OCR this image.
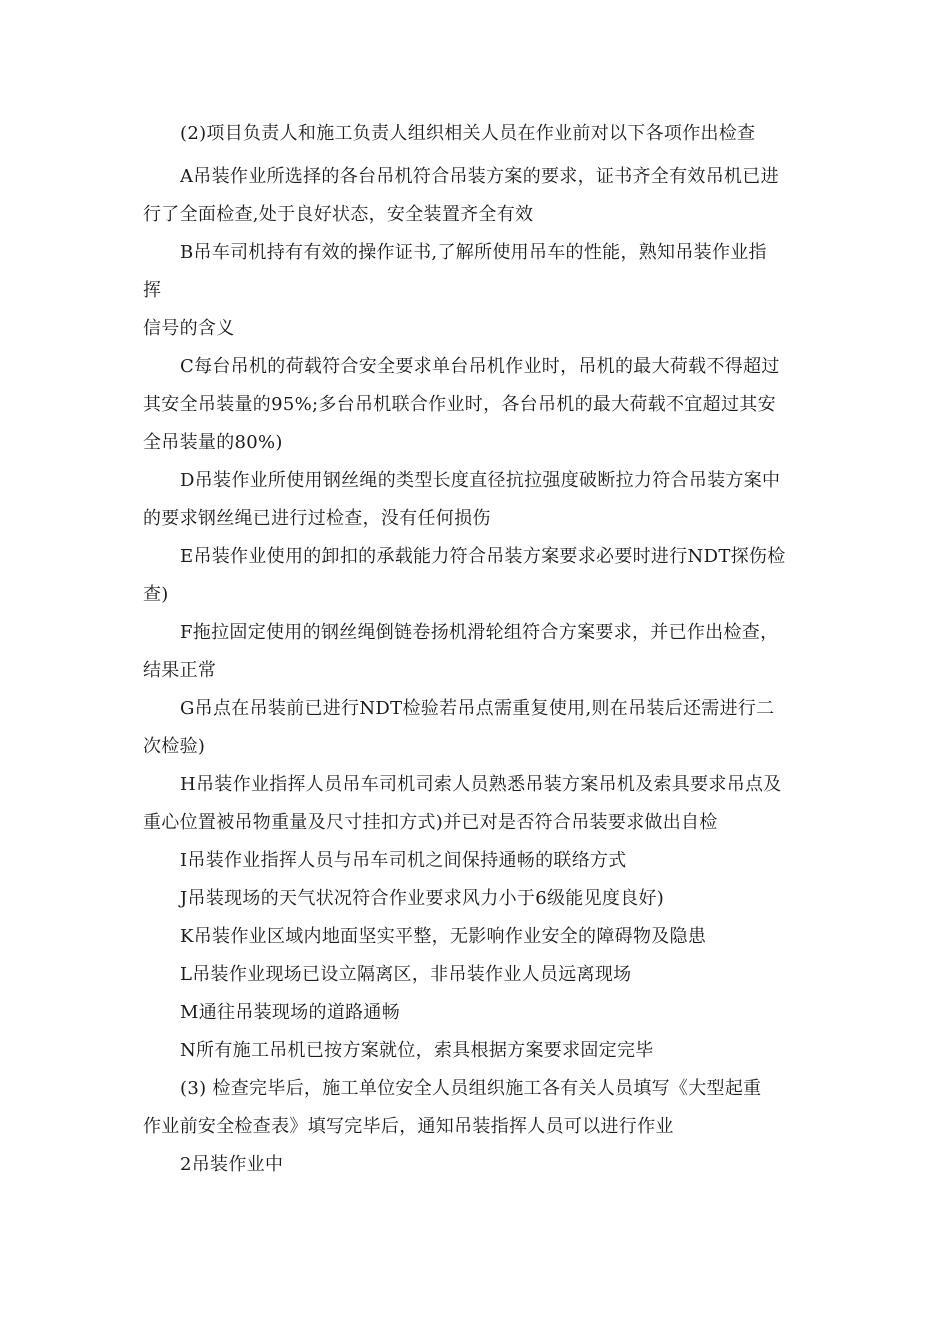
(2)项目负责人和施工负责人组织相关人员在作业前对以下各项作出检查
A吊装作业所选择的各台吊机符合吊装方案的要求，证书齐全有效吊机已进
行了全面检查,处于良好状态，安全装置齐全有效
B吊车司机持有有效的操作证书,了解所使用吊车的性能，熟知吊装作业指
挥
信号的含义
C每台吊机的荷载符合安全要求单台吊机作业时，吊机的最大荷载不得超过
其安全吊装量的95%;多台吊机联合作业时，各台吊机的最大荷载不宜超过其安
全吊装量的80%)
D吊装作业所使用钢丝绳的类型长度直径抗拉强度破断拉力符合吊装方案中
的要求钢丝绳已进行过检查，没有任何损伤
E吊装作业使用的卸扣的承载能力符合吊装方案要求必要时进行NDT探伤检
查)
F拖拉固定使用的钢丝绳倒链卷扬机滑轮组符合方案要求，并已作出检查，
结果正常
G吊点在吊装前已进行NDT检验若吊点需重复使用,则在吊装后还需进行二
次检验)
H吊装作业指挥人员吊车司机司索人员熟悉吊装方案吊机及索具要求吊点及
重心位置被吊物重量及尺寸挂扣方式)并已对是否符合吊装要求做出自检
I吊装作业指挥人员与吊车司机之间保持通畅的联络方式
J吊装现场的天气状况符合作业要求风力小于6级能见度良好)
K吊装作业区域内地面坚实平整，无影响作业安全的障碍物及隐患
L吊装作业现场已设立隔离区，非吊装作业人员远离现场
M通往吊装现场的道路通畅
N所有施工吊机已按方案就位，索具根据方案要求固定完毕
(3) 检查完毕后，施工单位安全人员组织施工各有关人员填写《大型起重
作业前安全检查表》填写完毕后，通知吊装指挥人员可以进行作业
2吊装作业中
